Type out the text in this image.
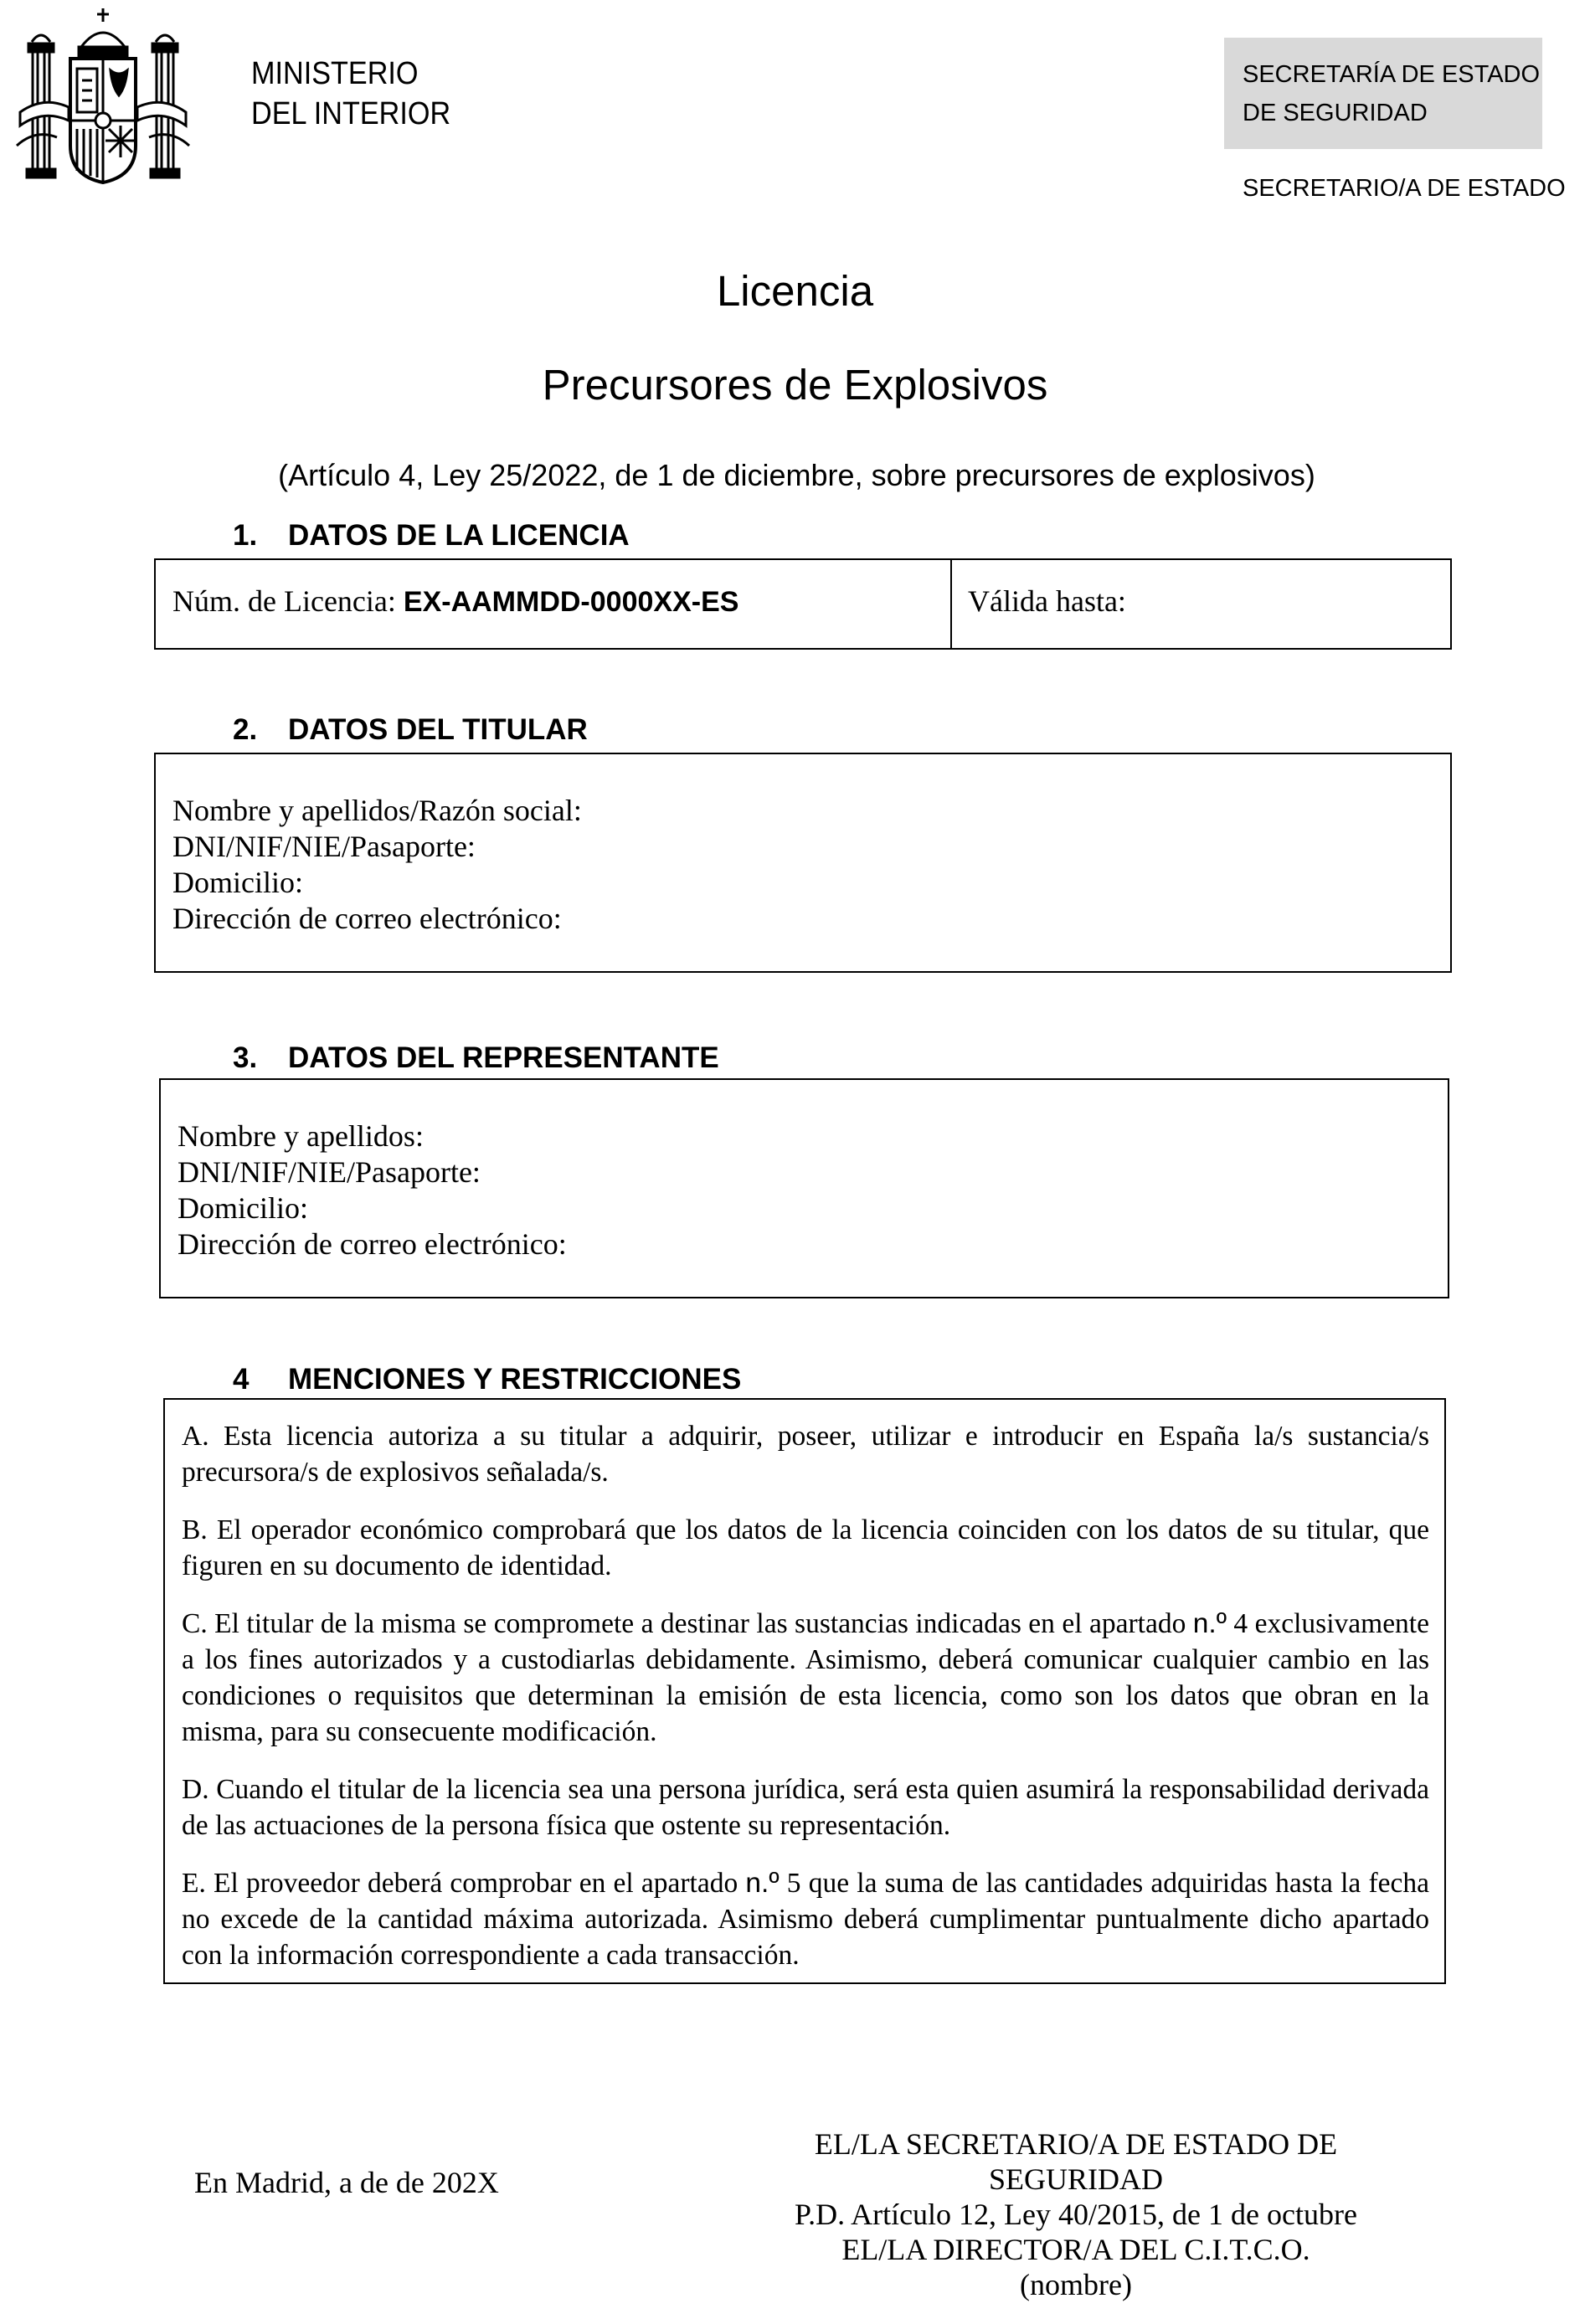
MINISTERIO
DEL INTERIOR
SECRETARÍA DE ESTADO
DE SEGURIDAD
SECRETARIO/A DE ESTADO
Licencia
Precursores de Explosivos
(Artículo 4, Ley 25/2022, de 1 de diciembre, sobre precursores de explosivos)
1. DATOS DE LA LICENCIA
Núm. de Licencia: EX-AAMMDD-0000XX-ES	Válida hasta:
2. DATOS DEL TITULAR
Nombre y apellidos/Razón social:
DNI/NIF/NIE/Pasaporte:
Domicilio:
Dirección de correo electrónico:
3. DATOS DEL REPRESENTANTE
Nombre y apellidos:
DNI/NIF/NIE/Pasaporte:
Domicilio:
Dirección de correo electrónico:
4 MENCIONES Y RESTRICCIONES
A. Esta licencia autoriza a su titular a adquirir, poseer, utilizar e introducir en España la/s sustancia/s precursora/s de explosivos señalada/s.
B. El operador económico comprobará que los datos de la licencia coinciden con los datos de su titular, que figuren en su documento de identidad.
C. El titular de la misma se compromete a destinar las sustancias indicadas en el apartado n.º 4 exclusivamente a los fines autorizados y a custodiarlas debidamente. Asimismo, deberá comunicar cualquier cambio en las condiciones o requisitos que determinan la emisión de esta licencia, como son los datos que obran en la misma, para su consecuente modificación.
D. Cuando el titular de la licencia sea una persona jurídica, será esta quien asumirá la responsabilidad derivada de las actuaciones de la persona física que ostente su representación.
E. El proveedor deberá comprobar en el apartado n.º 5 que la suma de las cantidades adquiridas hasta la fecha no excede de la cantidad máxima autorizada. Asimismo deberá cumplimentar puntualmente dicho apartado con la información correspondiente a cada transacción.
En Madrid, a de de 202X
EL/LA SECRETARIO/A DE ESTADO DE
SEGURIDAD
P.D. Artículo 12, Ley 40/2015, de 1 de octubre
EL/LA DIRECTOR/A DEL C.I.T.C.O.
(nombre)
